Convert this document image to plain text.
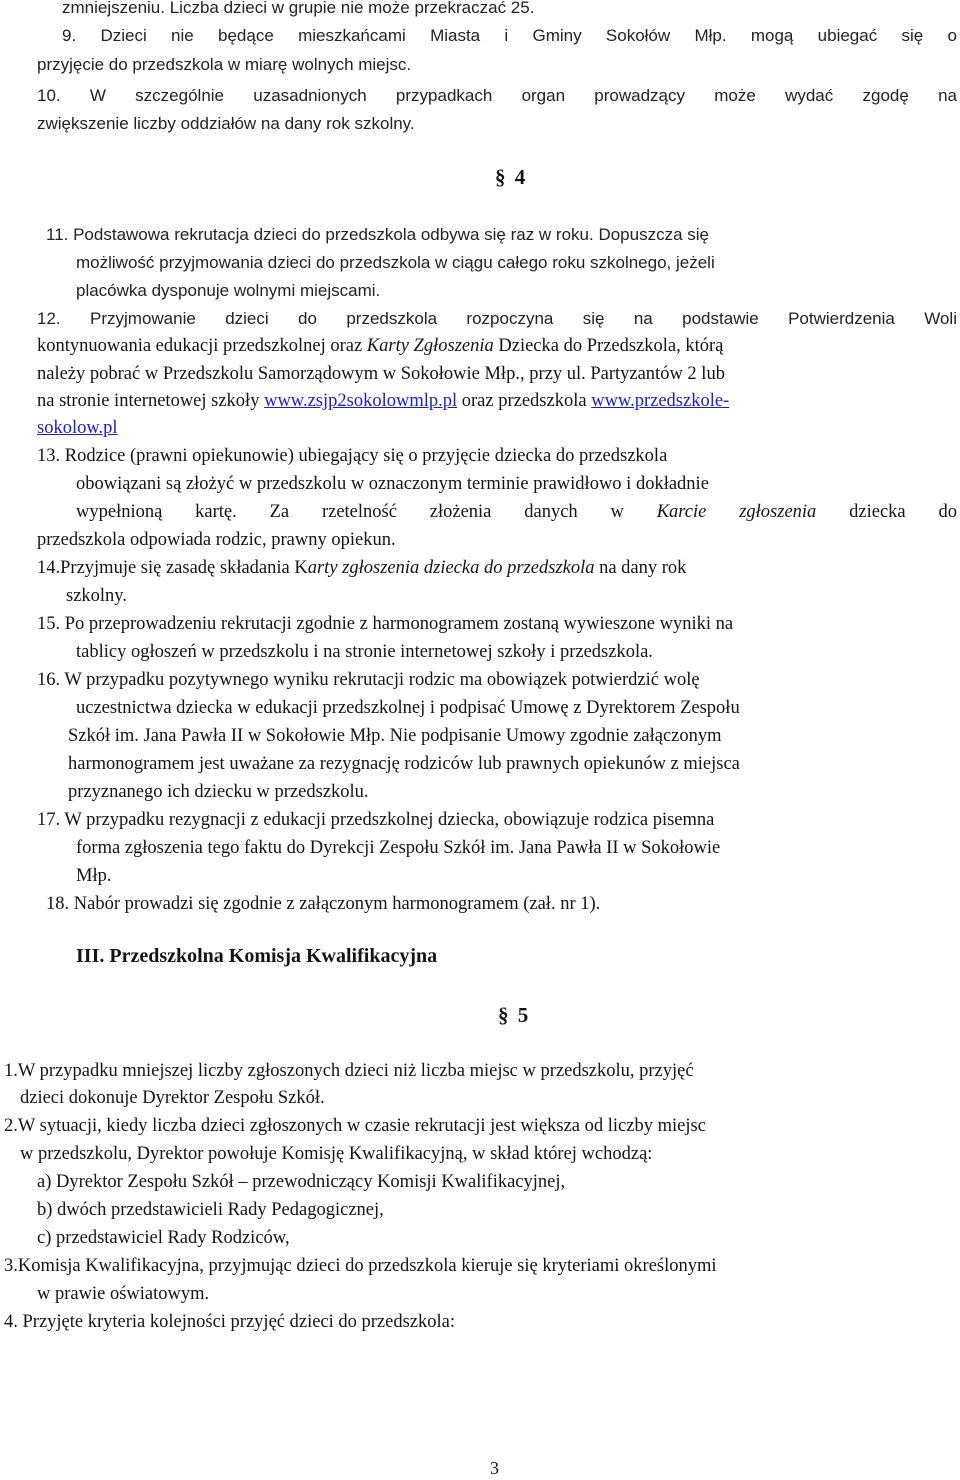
zmniejszeniu. Liczba dzieci w grupie nie może przekraczać 25.

9. Dzieci nie będące mieszkańcami Miasta i Gminy Sokołów Młp. mogą ubiegać się o

przyjęcie do przedszkola w miarę wolnych miejsc.

10. W szczególnie uzasadnionych przypadkach organ prowadzący może wydać zgodę na

zwiększenie liczby oddziałów na dany rok szkolny.

§ 4

11. Podstawowa rekrutacja dzieci do przedszkola odbywa się raz w roku. Dopuszcza się

możliwość przyjmowania dzieci do przedszkola w ciągu całego roku szkolnego, jeżeli

placówka dysponuje wolnymi miejscami.

12. Przyjmowanie dzieci do przedszkola rozpoczyna się na podstawie Potwierdzenia Woli

kontynuowania edukacji przedszkolnej oraz Karty Zgłoszenia Dziecka do Przedszkola, którą

należy pobrać w Przedszkolu Samorządowym w Sokołowie Młp., przy ul. Partyzantów 2 lub

na stronie internetowej szkoły www.zsjp2sokolowmlp.pl oraz przedszkola www.przedszkole-

sokolow.pl

13. Rodzice (prawni opiekunowie) ubiegający się o przyjęcie dziecka do przedszkola

obowiązani są złożyć w przedszkolu w oznaczonym terminie prawidłowo i dokładnie

wypełnioną kartę. Za rzetelność złożenia danych w Karcie zgłoszenia dziecka do

przedszkola odpowiada rodzic, prawny opiekun.

14.Przyjmuje się zasadę składania Karty zgłoszenia dziecka do przedszkola na dany rok

szkolny.

15. Po przeprowadzeniu rekrutacji zgodnie z harmonogramem zostaną wywieszone wyniki na

tablicy ogłoszeń w przedszkolu i na stronie internetowej szkoły i przedszkola.

16. W przypadku pozytywnego wyniku rekrutacji rodzic ma obowiązek potwierdzić wolę

uczestnictwa dziecka w edukacji przedszkolnej i podpisać Umowę z Dyrektorem Zespołu

Szkół im. Jana Pawła II w Sokołowie Młp. Nie podpisanie Umowy zgodnie załączonym

harmonogramem jest uważane za rezygnację rodziców lub prawnych opiekunów z miejsca

przyznanego ich dziecku w przedszkolu.

17. W przypadku rezygnacji z edukacji przedszkolnej dziecka, obowiązuje rodzica pisemna

forma zgłoszenia tego faktu do Dyrekcji Zespołu Szkół im. Jana Pawła II w Sokołowie

Młp.

18. Nabór prowadzi się zgodnie z załączonym harmonogramem (zał. nr 1).

III. Przedszkolna Komisja Kwalifikacyjna

§ 5

1.W przypadku mniejszej liczby zgłoszonych dzieci niż liczba miejsc w przedszkolu, przyjęć

dzieci dokonuje Dyrektor Zespołu Szkół.

2.W sytuacji, kiedy liczba dzieci zgłoszonych w czasie rekrutacji jest większa od liczby miejsc

w przedszkolu, Dyrektor powołuje Komisję Kwalifikacyjną, w skład której wchodzą:

a) Dyrektor Zespołu Szkół – przewodniczący Komisji Kwalifikacyjnej,

b) dwóch przedstawicieli Rady Pedagogicznej,

c) przedstawiciel Rady Rodziców,

3.Komisja Kwalifikacyjna, przyjmując dzieci do przedszkola kieruje się kryteriami określonymi

w prawie oświatowym.

4. Przyjęte kryteria kolejności przyjęć dzieci do przedszkola:

3
